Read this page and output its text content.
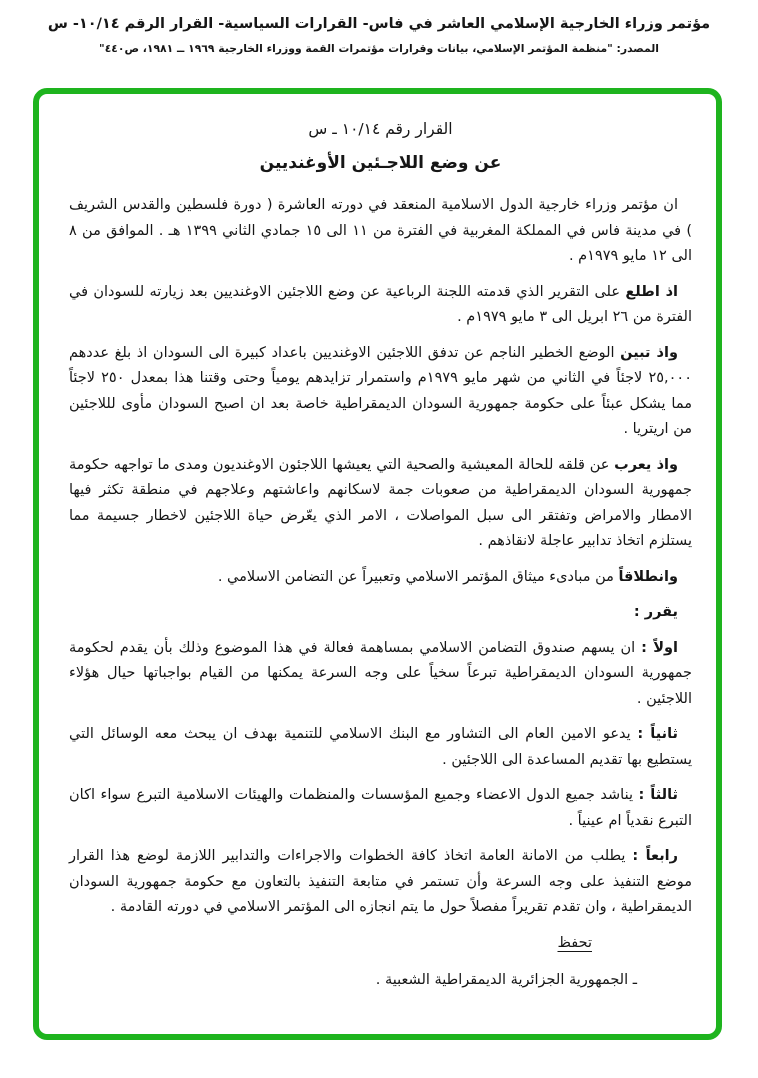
مؤتمر وزراء الخارجية الإسلامي العاشر في فاس- القرارات السياسية- القرار الرقم ١٠/١٤- س
المصدر: "منظمة المؤتمر الإسلامي، بيانات وقرارات مؤتمرات القمة ووزراء الخارجية ١٩٦٩ ــ ١٩٨١، ص٤٤٠"
القرار رقم ١٠/١٤ ـ س
عن وضع اللاجـئين الأوغنديين

ان مؤتمر وزراء خارجية الدول الاسلامية المنعقد في دورته العاشرة ( دورة فلسطين والقدس الشريف ) في مدينة فاس في المملكة المغربية في الفترة من ١١ الى ١٥ جمادي الثاني ١٣٩٩ هـ . الموافق من ٨ الى ١٢ مايو ١٩٧٩م .

اذ اطلع على التقرير الذي قدمته اللجنة الرباعية عن وضع اللاجئين الاوغنديين بعد زيارته للسودان في الفترة من ٢٦ ابريل الى ٣ مايو ١٩٧٩م .

واذ تبين الوضع الخطير الناجم عن تدفق اللاجئين الاوغنديين باعداد كبيرة الى السودان اذ بلغ عددهم ٢٥,٠٠٠ لاجئاً في الثاني من شهر مايو ١٩٧٩م واستمرار تزايدهم يومياً وحتى وقتنا هذا بمعدل ٢٥٠ لاجئاً مما يشكل عبئاً على حكومة جمهورية السودان الديمقراطية خاصة بعد ان اصبح السودان مأوى لللاجئين من اريتريا .

واذ يعرب عن قلقه للحالة المعيشية والصحية التي يعيشها اللاجئون الاوغنديون ومدى ما تواجهه حكومة جمهورية السودان الديمقراطية من صعوبات جمة لاسكانهم واعاشتهم وعلاجهم في منطقة تكثر فيها الامطار والامراض وتفتقر الى سبل المواصلات ، الامر الذي يعّرض حياة اللاجئين لاخطار جسيمة مما يستلزم اتخاذ تدابير عاجلة لانقاذهم .

وانطلاقاً من مبادىء ميثاق المؤتمر الاسلامي وتعبيراً عن التضامن الاسلامي .

يقرر :

اولاً : ان يسهم صندوق التضامن الاسلامي بمساهمة فعالة في هذا الموضوع وذلك بأن يقدم لحكومة جمهورية السودان الديمقراطية تبرعاً سخياً على وجه السرعة يمكنها من القيام بواجباتها حيال هؤلاء اللاجئين .

ثانياً : يدعو الامين العام الى التشاور مع البنك الاسلامي للتنمية بهدف ان يبحث معه الوسائل التي يستطيع بها تقديم المساعدة الى اللاجئين .

ثالثاً : يناشد جميع الدول الاعضاء وجميع المؤسسات والمنظمات والهيئات الاسلامية التبرع سواء اكان التبرع نقدياً ام عينياً .

رابعاً : يطلب من الامانة العامة اتخاذ كافة الخطوات والاجراءات والتدابير اللازمة لوضع هذا القرار موضع التنفيذ على وجه السرعة وأن تستمر في متابعة التنفيذ بالتعاون مع حكومة جمهورية السودان الديمقراطية ، وان تقدم تقريراً مفصلاً حول ما يتم انجازه الى المؤتمر الاسلامي في دورته القادمة .

تحفظ

ـ الجمهورية الجزائرية الديمقراطية الشعبية .
